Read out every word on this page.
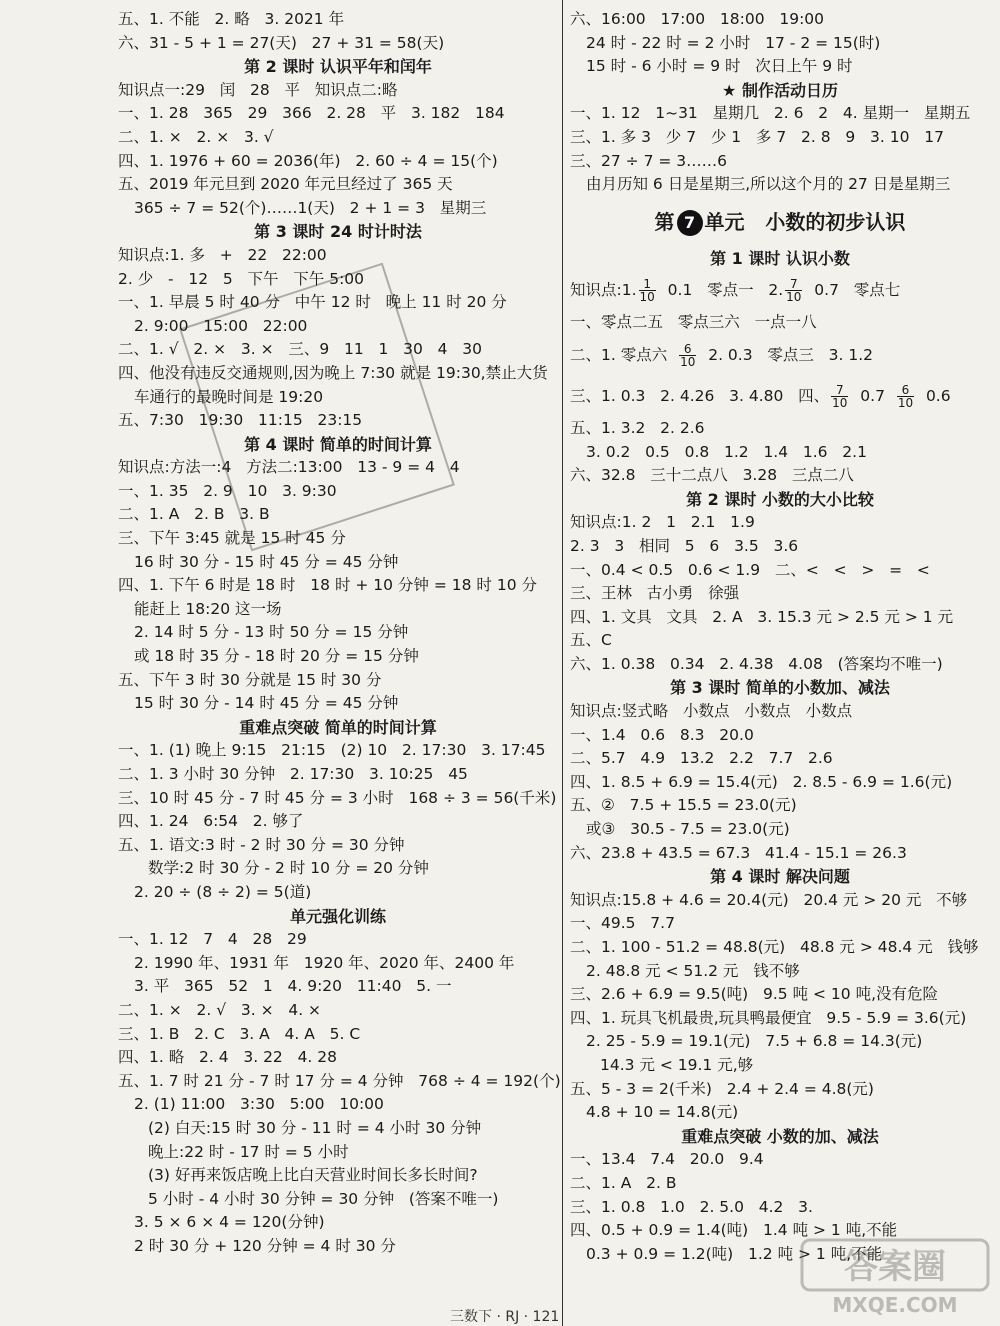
五、1. 不能   2. 略   3. 2021 年
六、31 - 5 + 1 = 27(天)   27 + 31 = 58(天)
第 2 课时 认识平年和闰年
知识点一:29   闰   28   平   知识点二:略
一、1. 28   365   29   366   2. 28   平   3. 182   184
二、1. ×   2. ×   3. √
四、1. 1976 + 60 = 2036(年)   2. 60 ÷ 4 = 15(个)
五、2019 年元旦到 2020 年元旦经过了 365 天
365 ÷ 7 = 52(个)……1(天)   2 + 1 = 3   星期三
第 3 课时 24 时计时法
知识点:1. 多   +   22   22:00
2. 少   -   12   5   下午   下午 5:00
一、1. 早晨 5 时 40 分   中午 12 时   晚上 11 时 20 分
2. 9:00   15:00   22:00
二、1. √   2. ×   3. ×   三、9   11   1   30   4   30
四、他没有违反交通规则,因为晚上 7:30 就是 19:30,禁止大货
车通行的最晚时间是 19:20
五、7:30   19:30   11:15   23:15
第 4 课时 简单的时间计算
知识点:方法一:4   方法二:13:00   13 - 9 = 4   4
一、1. 35   2. 9   10   3. 9:30
二、1. A   2. B   3. B
三、下午 3:45 就是 15 时 45 分
16 时 30 分 - 15 时 45 分 = 45 分钟
四、1. 下午 6 时是 18 时   18 时 + 10 分钟 = 18 时 10 分
能赶上 18:20 这一场
2. 14 时 5 分 - 13 时 50 分 = 15 分钟
或 18 时 35 分 - 18 时 20 分 = 15 分钟
五、下午 3 时 30 分就是 15 时 30 分
15 时 30 分 - 14 时 45 分 = 45 分钟
重难点突破 简单的时间计算
一、1. (1) 晚上 9:15   21:15   (2) 10   2. 17:30   3. 17:45
二、1. 3 小时 30 分钟   2. 17:30   3. 10:25   45
三、10 时 45 分 - 7 时 45 分 = 3 小时   168 ÷ 3 = 56(千米)
四、1. 24   6:54   2. 够了
五、1. 语文:3 时 - 2 时 30 分 = 30 分钟
数学:2 时 30 分 - 2 时 10 分 = 20 分钟
2. 20 ÷ (8 ÷ 2) = 5(道)
单元强化训练
一、1. 12   7   4   28   29
2. 1990 年、1931 年   1920 年、2020 年、2400 年
3. 平   365   52   1   4. 9:20   11:40   5. 一
二、1. ×   2. √   3. ×   4. ×
三、1. B   2. C   3. A   4. A   5. C
四、1. 略   2. 4   3. 22   4. 28
五、1. 7 时 21 分 - 7 时 17 分 = 4 分钟   768 ÷ 4 = 192(个)
2. (1) 11:00   3:30   5:00   10:00
(2) 白天:15 时 30 分 - 11 时 = 4 小时 30 分钟
晚上:22 时 - 17 时 = 5 小时
(3) 好再来饭店晚上比白天营业时间长多长时间?
5 小时 - 4 小时 30 分钟 = 30 分钟   (答案不唯一)
3. 5 × 6 × 4 = 120(分钟)
2 时 30 分 + 120 分钟 = 4 时 30 分
六、16:00   17:00   18:00   19:00
24 时 - 22 时 = 2 小时   17 - 2 = 15(时)
15 时 - 6 小时 = 9 时   次日上午 9 时
★ 制作活动日历
一、1. 12   1~31   星期几   2. 6   2   4. 星期一   星期五
三、1. 多 3   少 7   少 1   多 7   2. 8   9   3. 10   17
三、27 ÷ 7 = 3……6
由月历知 6 日是星期三,所以这个月的 27 日是星期三
第 7 单元   小数的初步认识
第 1 课时 认识小数
知识点:1. $\frac{1}{10} 0.1$   零点一   2. $\frac{7}{10} 0.7$   零点七
一、零点二五   零点三六   一点一八
二、1. 零点六 $\frac{6}{10} 2$. 0.3   零点三   3. 1.2
三、1. 0.3   2. 4.26   3. 4.80   四、 $\frac{7}{10} 0.7 \frac{6}{10} 0.6$
五、1. 3.2   2. 2.6
3. 0.2   0.5   0.8   1.2   1.4   1.6   2.1
六、32.8   三十二点八   3.28   三点二八
第 2 课时 小数的大小比较
知识点:1. 2   1   2.1   1.9
2. 3   3   相同   5   6   3.5   3.6
一、0.4 < 0.5   0.6 < 1.9   二、<   <   >   =   <
三、王林   古小勇   徐强
四、1. 文具   文具   2. A   3. 15.3 元 > 2.5 元 > 1 元
五、C
六、1. 0.38   0.34   2. 4.38   4.08   (答案均不唯一)
第 3 课时 简单的小数加、减法
知识点:竖式略   小数点   小数点   小数点
一、1.4   0.6   8.3   20.0
二、5.7   4.9   13.2   2.2   7.7   2.6
四、1. 8.5 + 6.9 = 15.4(元)   2. 8.5 - 6.9 = 1.6(元)
五、②   7.5 + 15.5 = 23.0(元)
或③   30.5 - 7.5 = 23.0(元)
六、23.8 + 43.5 = 67.3   41.4 - 15.1 = 26.3
第 4 课时 解决问题
知识点:15.8 + 4.6 = 20.4(元)   20.4 元 > 20 元   不够
一、49.5   7.7
二、1. 100 - 51.2 = 48.8(元)   48.8 元 > 48.4 元   钱够
2. 48.8 元 < 51.2 元   钱不够
三、2.6 + 6.9 = 9.5(吨)   9.5 吨 < 10 吨,没有危险
四、1. 玩具飞机最贵,玩具鸭最便宜   9.5 - 5.9 = 3.6(元)
2. 25 - 5.9 = 19.1(元)   7.5 + 6.8 = 14.3(元)
14.3 元 < 19.1 元,够
五、5 - 3 = 2(千米)   2.4 + 2.4 = 4.8(元)
4.8 + 10 = 14.8(元)
重难点突破 小数的加、减法
一、13.4   7.4   20.0   9.4
二、1. A   2. B
三、1. 0.8   1.0   2. 5.0   4.2   3.
四、0.5 + 0.9 = 1.4(吨)   1.4 吨 > 1 吨,不能
0.3 + 0.9 = 1.2(吨)   1.2 吨 > 1 吨,不能
答案圈
MXQE.COM
三数下 · RJ · 121
